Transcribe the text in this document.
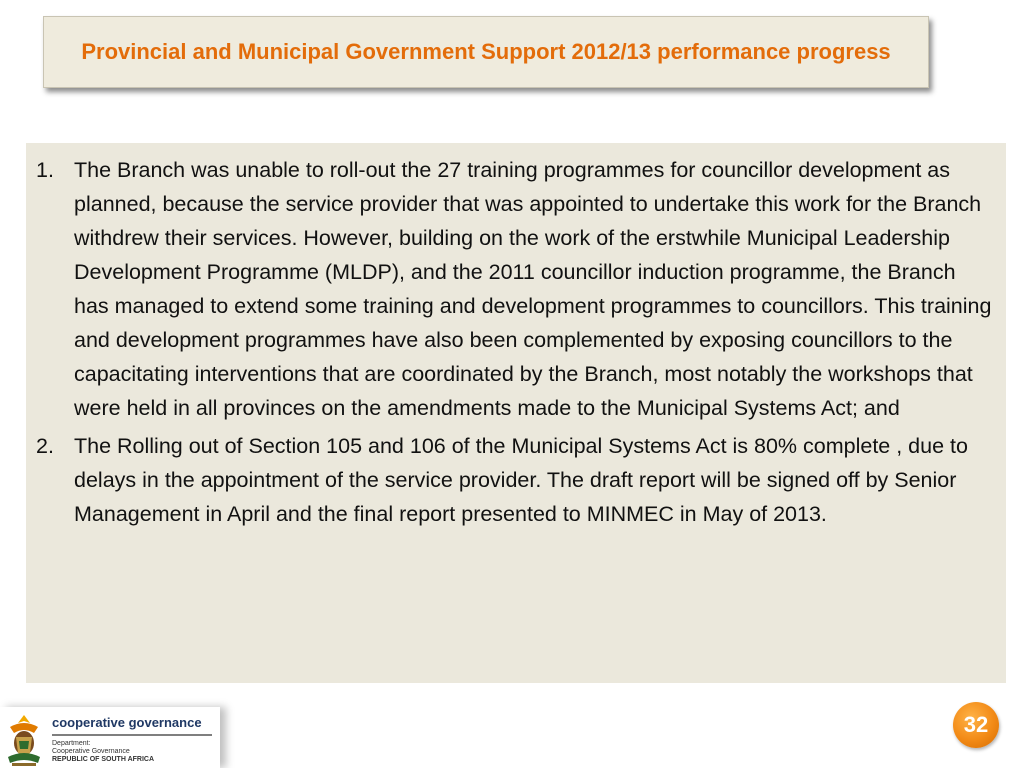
Provincial and Municipal Government Support 2012/13 performance progress
1. The Branch was unable to roll-out the 27 training programmes for councillor development as planned, because the service provider that was appointed to undertake this work for the Branch withdrew their services. However, building on the work of the erstwhile Municipal Leadership Development Programme (MLDP), and the 2011 councillor induction programme, the Branch has managed to extend some training and development programmes to councillors. This training and development programmes have also been complemented by exposing councillors to the capacitating interventions that are coordinated by the Branch, most notably the workshops that were held in all provinces on the amendments made to the Municipal Systems Act; and
2. The Rolling out of Section 105 and 106 of the Municipal Systems Act is 80% complete , due to delays in the appointment of the service provider. The draft report will be signed off by Senior Management in April and the final report presented to MINMEC in May of 2013.
cooperative governance
Department:
Cooperative Governance
REPUBLIC OF SOUTH AFRICA
32
